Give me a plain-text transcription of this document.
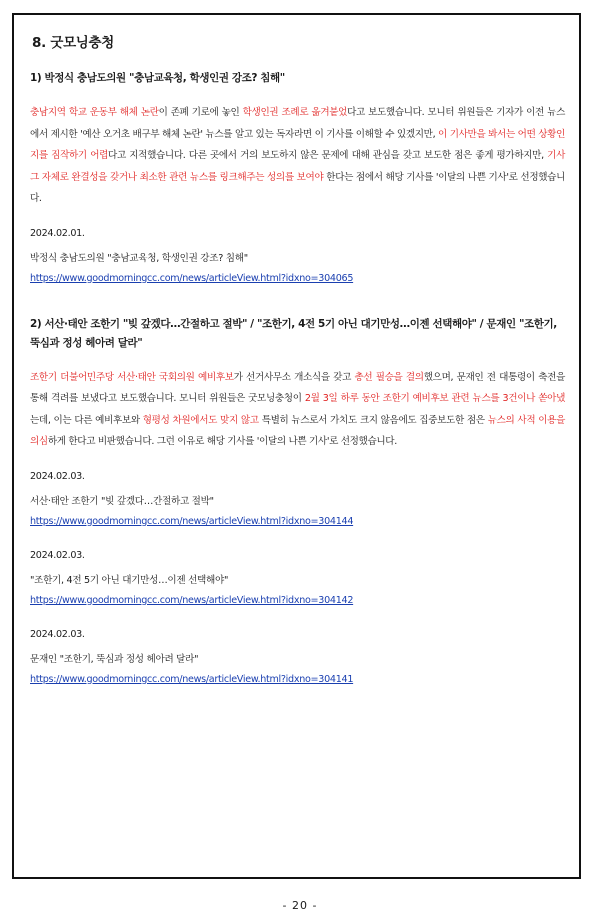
8. 굿모닝충청
1) 박정식 충남도의원 "충남교육청, 학생인권 강조? 침해"

충남지역 학교 운동부 해체 논란이 존폐 기로에 놓인 학생인권 조례로 옮겨붙었다고 보도했습니다. 모니터 위원들은 기자가 이전 뉴스에서 제시한 '예산 오거초 배구부 해체 논란' 뉴스를 알고 있는 독자라면 이 기사를 이해할 수 있겠지만, 이 기사만을 봐서는 어떤 상황인지를 짐작하기 어렵다고 지적했습니다. 다른 곳에서 거의 보도하지 않은 문제에 대해 관심을 갖고 보도한 점은 좋게 평가하지만, 기사 그 자체로 완결성을 갖거나 최소한 관련 뉴스를 링크해주는 성의를 보여야 한다는 점에서 해당 기사를 '이달의 나쁜 기사'로 선정했습니다.

2024.02.01.
박정식 충남도의원 "충남교육청, 학생인권 강조? 침해"
https://www.goodmorningcc.com/news/articleView.html?idxno=304065
2) 서산·태안 조한기 "빚 갚겠다…간절하고 절박" / "조한기, 4전 5기 아닌 대기만성…이젠 선택해야" / 문재인 "조한기, 뚝심과 정성 헤아려 달라"

조한기 더불어민주당 서산·태안 국회의원 예비후보가 선거사무소 개소식을 갖고 총선 필승을 결의했으며, 문재인 전 대통령이 축전을 통해 격려를 보냈다고 보도했습니다. 모니터 위원들은 굿모닝충청이 2월 3일 하루 동안 조한기 예비후보 관련 뉴스를 3건이나 쏟아냈는데, 이는 다른 예비후보와 형평성 차원에서도 맞지 않고 특별히 뉴스로서 가치도 크지 않음에도 집중보도한 점은 뉴스의 사적 이용을 의심하게 한다고 비판했습니다. 그런 이유로 해당 기사를 '이달의 나쁜 기사'로 선정했습니다.

2024.02.03.
서산·태안 조한기 "빚 갚겠다…간절하고 절박"
https://www.goodmorningcc.com/news/articleView.html?idxno=304144
2024.02.03.
"조한기, 4전 5기 아닌 대기만성…이젠 선택해야"
https://www.goodmorningcc.com/news/articleView.html?idxno=304142
2024.02.03.
문재인 "조한기, 뚝심과 정성 헤아려 달라"
https://www.goodmorningcc.com/news/articleView.html?idxno=304141
- 20 -
